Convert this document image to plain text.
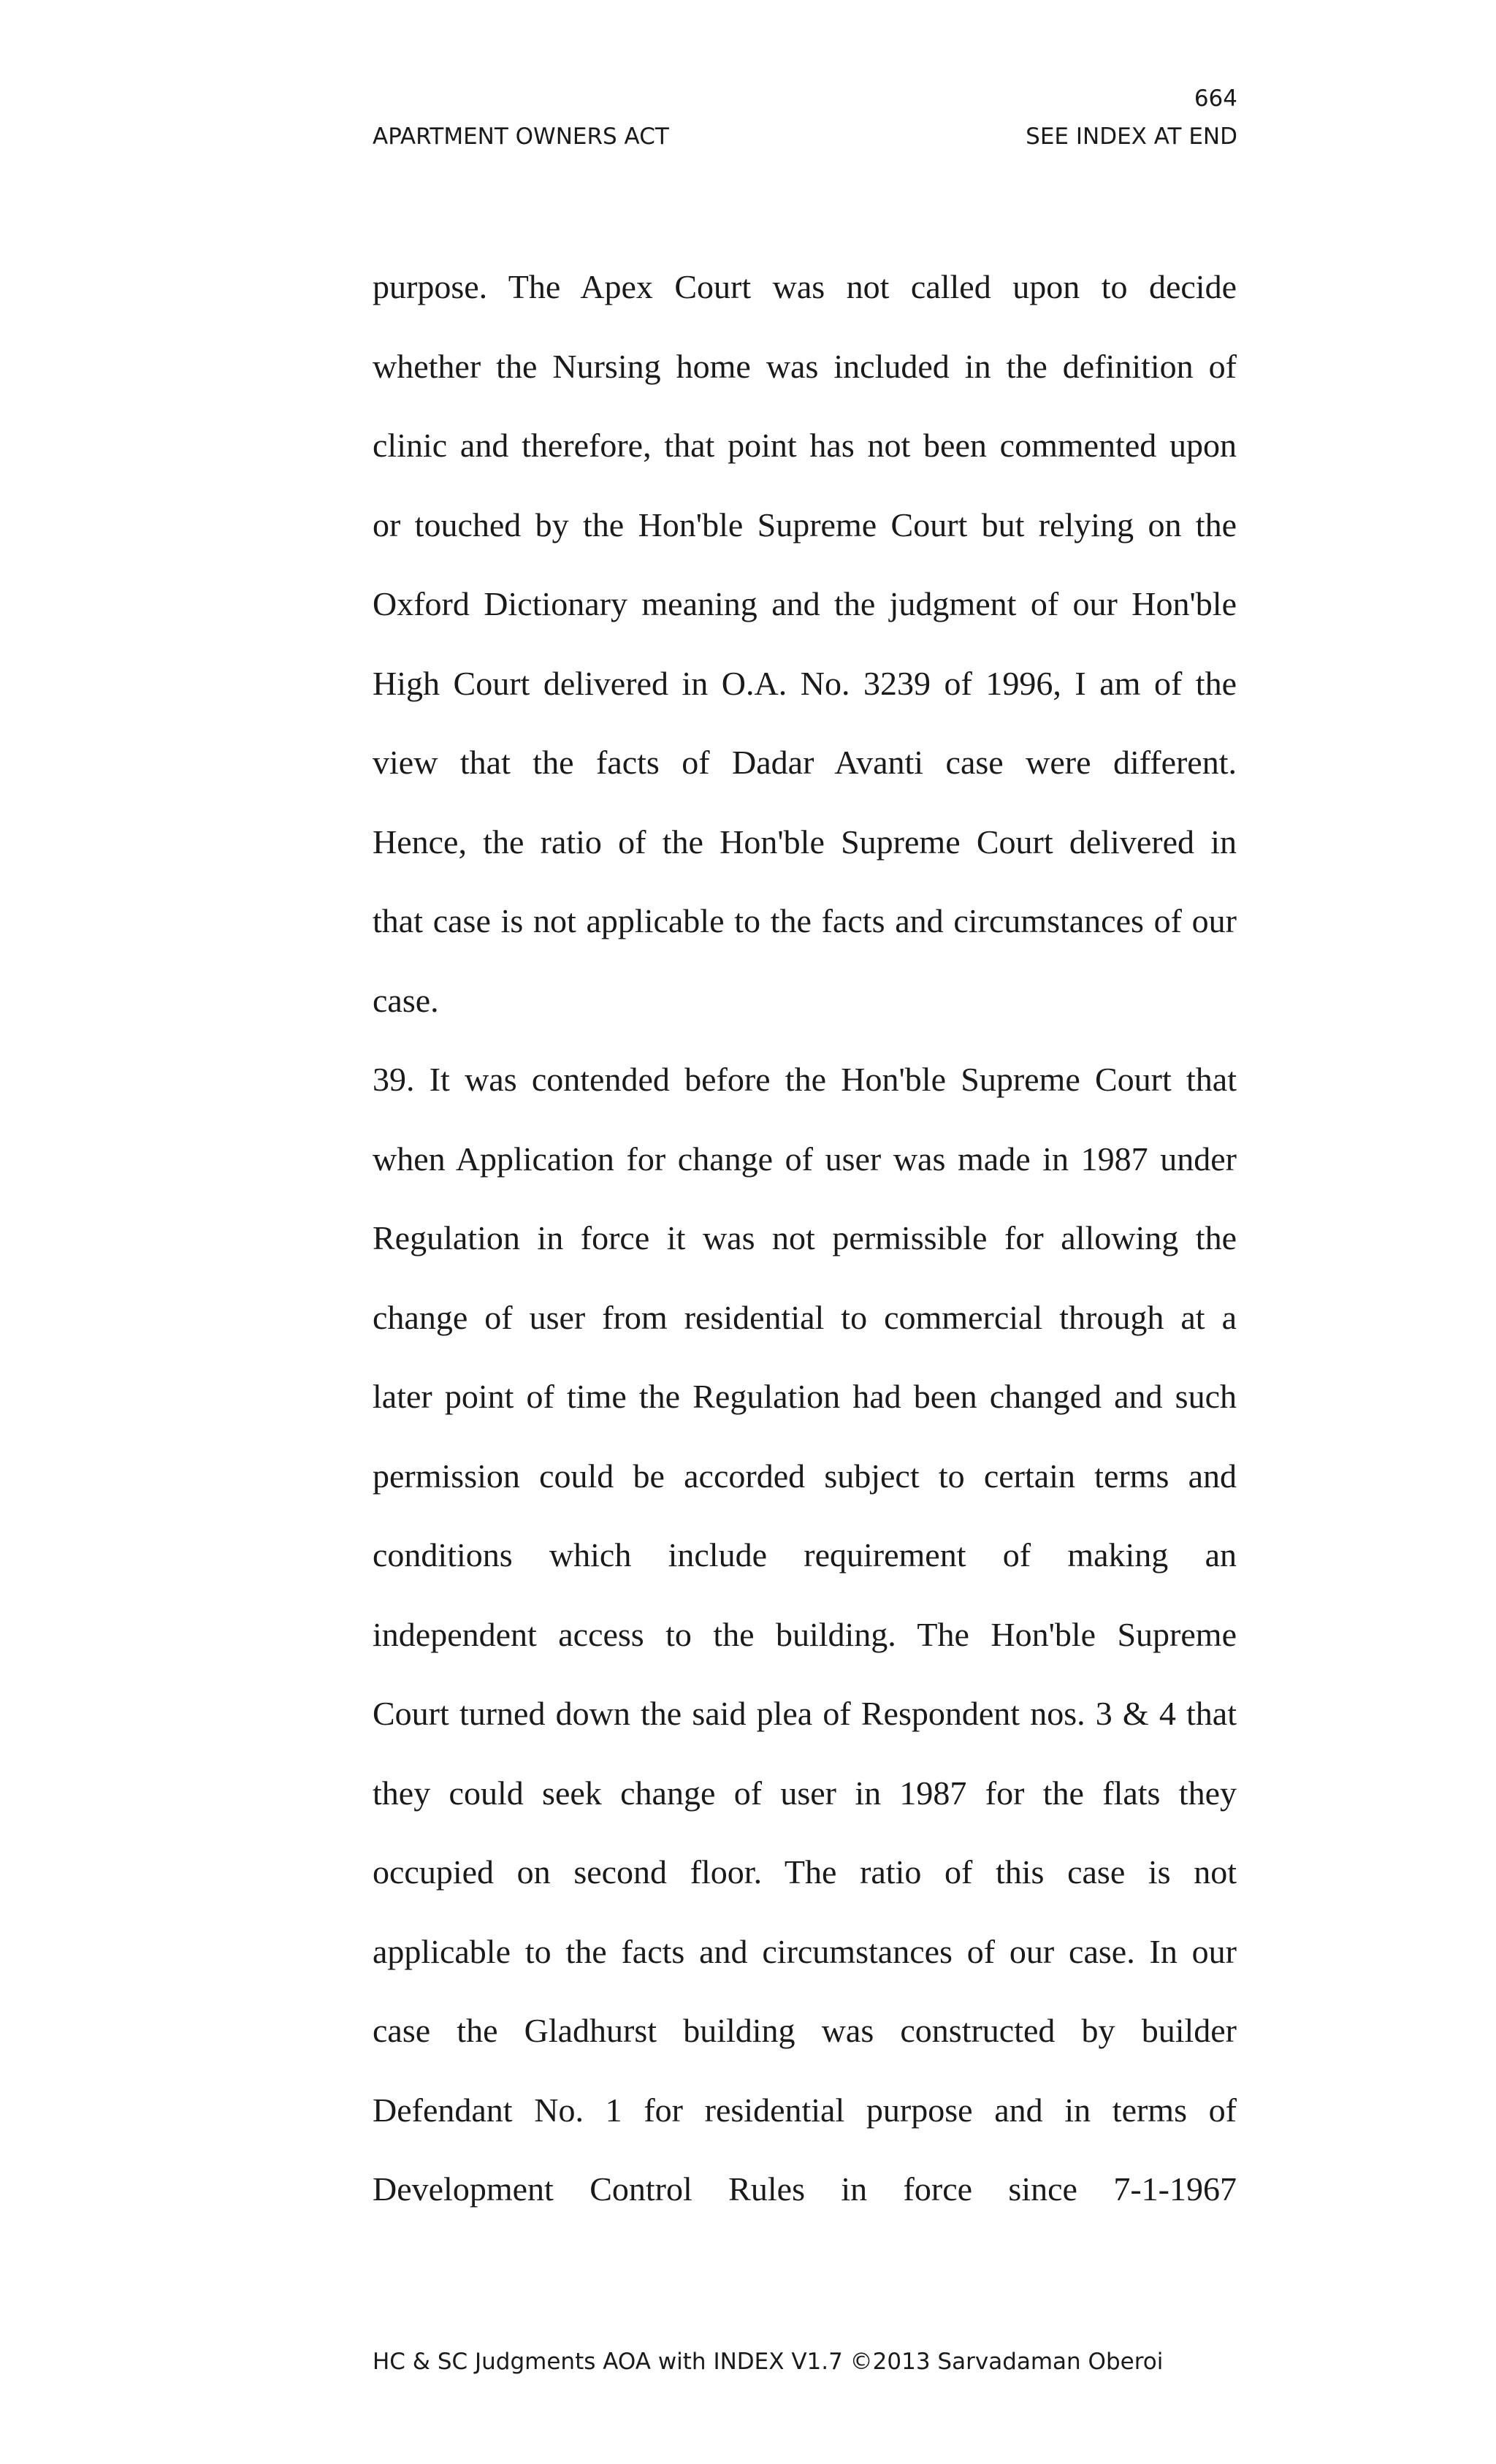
664
APARTMENT OWNERS ACT	SEE INDEX AT END
purpose. The Apex Court was not called upon to decide
whether the Nursing home was included in the definition of
clinic and therefore, that point has not been commented upon
or touched by the Hon'ble Supreme Court but relying on the
Oxford Dictionary meaning and the judgment of our Hon'ble
High Court delivered in O.A. No. 3239 of 1996, I am of the
view that the facts of Dadar Avanti case were different.
Hence, the ratio of the Hon'ble Supreme Court delivered in
that case is not applicable to the facts and circumstances of our
case.
39. It was contended before the Hon'ble Supreme Court that
when Application for change of user was made in 1987 under
Regulation in force it was not permissible for allowing the
change of user from residential to commercial through at a
later point of time the Regulation had been changed and such
permission could be accorded subject to certain terms and
conditions which include requirement of making an
independent access to the building. The Hon'ble Supreme
Court turned down the said plea of Respondent nos. 3 & 4 that
they could seek change of user in 1987 for the flats they
occupied on second floor. The ratio of this case is not
applicable to the facts and circumstances of our case. In our
case the Gladhurst building was constructed by builder
Defendant No. 1 for residential purpose and in terms of
Development Control Rules in force since 7-1-1967
HC & SC Judgments AOA with INDEX V1.7 ©2013 Sarvadaman Oberoi
